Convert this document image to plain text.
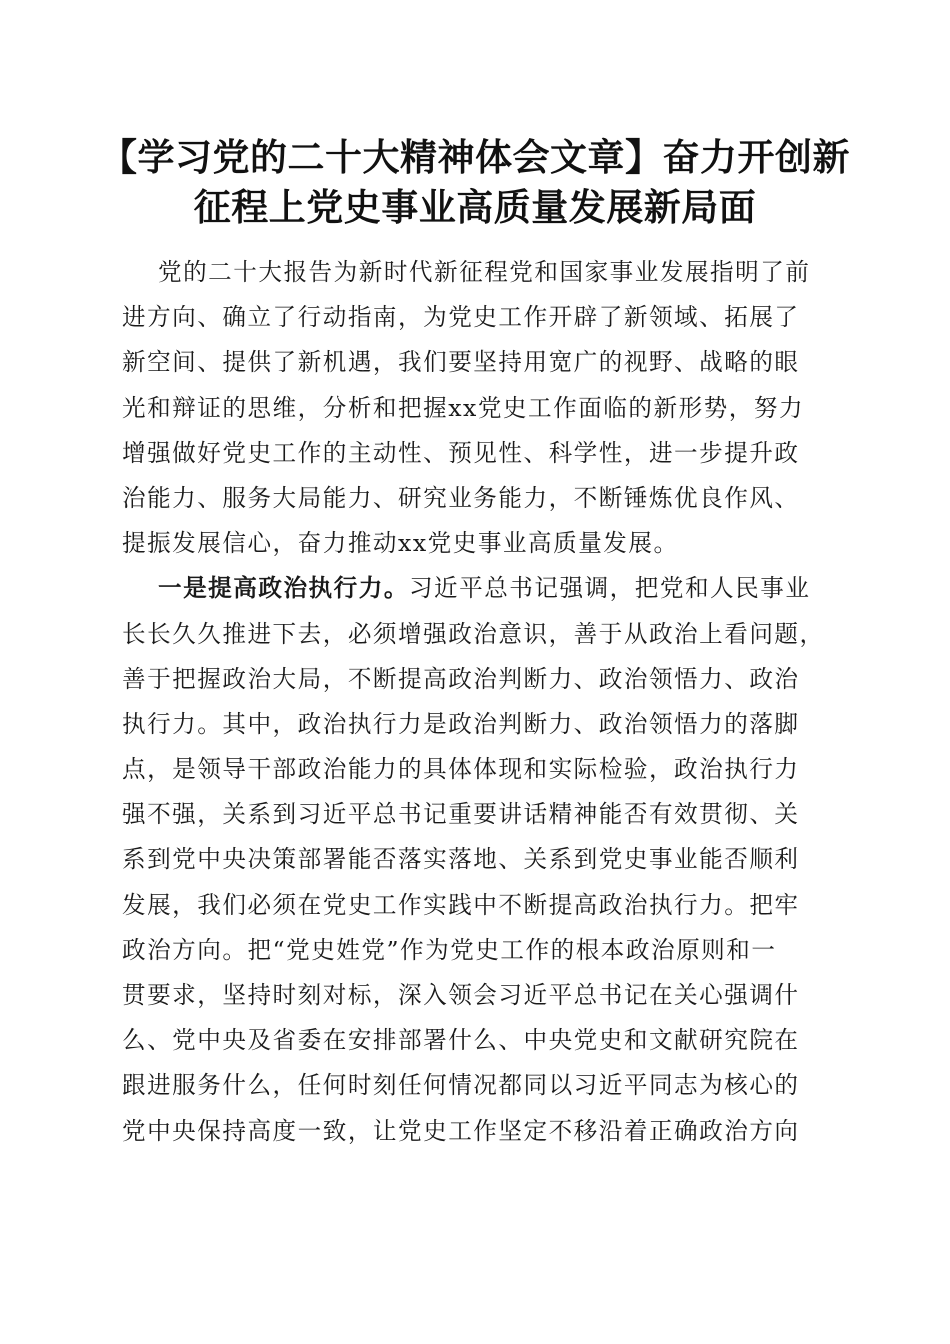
【学习党的二十大精神体会文章】奋力开创新
征程上党史事业高质量发展新局面
党的二十大报告为新时代新征程党和国家事业发展指明了前
进方向、确立了行动指南，为党史工作开辟了新领域、拓展了
新空间、提供了新机遇，我们要坚持用宽广的视野、战略的眼
光和辩证的思维，分析和把握xx党史工作面临的新形势，努力
增强做好党史工作的主动性、预见性、科学性，进一步提升政
治能力、服务大局能力、研究业务能力，不断锤炼优良作风、
提振发展信心，奋力推动xx党史事业高质量发展。
一是提高政治执行力。习近平总书记强调，把党和人民事业
长长久久推进下去，必须增强政治意识，善于从政治上看问题，
善于把握政治大局，不断提高政治判断力、政治领悟力、政治
执行力。其中，政治执行力是政治判断力、政治领悟力的落脚
点，是领导干部政治能力的具体体现和实际检验，政治执行力
强不强，关系到习近平总书记重要讲话精神能否有效贯彻、关
系到党中央决策部署能否落实落地、关系到党史事业能否顺利
发展，我们必须在党史工作实践中不断提高政治执行力。把牢
政治方向。把“党史姓党”作为党史工作的根本政治原则和一
贯要求，坚持时刻对标，深入领会习近平总书记在关心强调什
么、党中央及省委在安排部署什么、中央党史和文献研究院在
跟进服务什么，任何时刻任何情况都同以习近平同志为核心的
党中央保持高度一致，让党史工作坚定不移沿着正确政治方向
